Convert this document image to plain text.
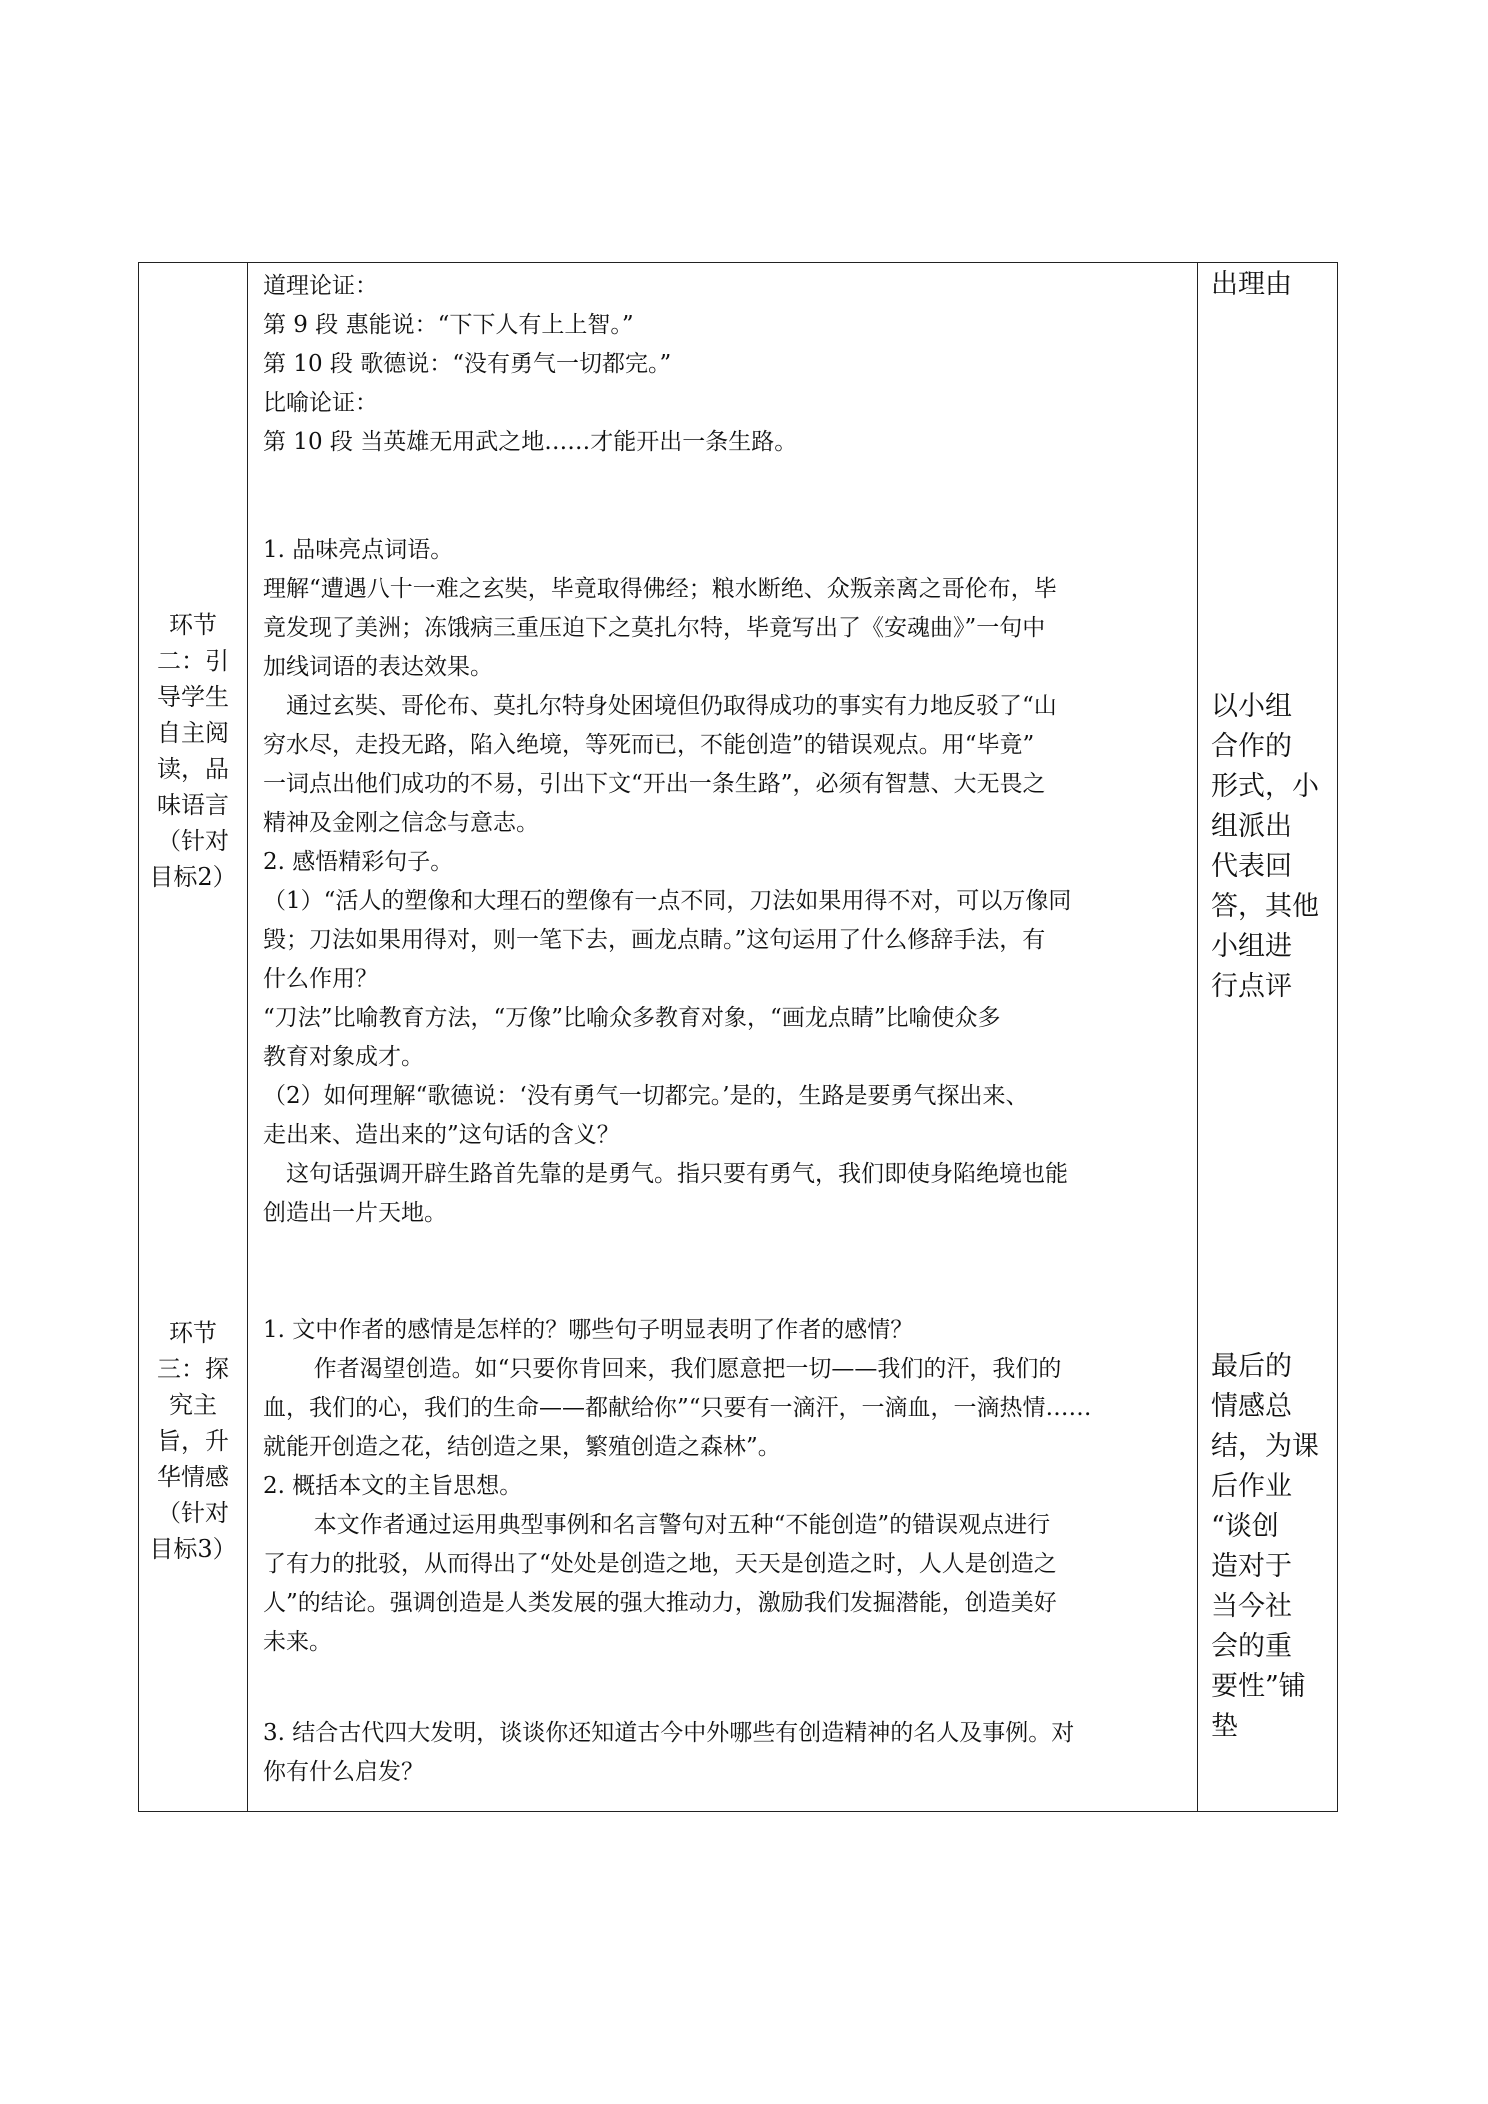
出理由

道理论证：

第 9 段 惠能说：“下下人有上上智。”

第 10 段 歌德说：“没有勇气一切都完。”

比喻论证：

第 10 段 当英雄无用武之地……才能开出一条生路。

环节
二：引
导学生
自主阅
读，品
味语言
（针对
目标2）
以小组
合作的
形式，小
组派出
代表回
答，其他
小组进
行点评

1. 品味亮点词语。

理解“遭遇八十一难之玄奘，毕竟取得佛经；粮水断绝、众叛亲离之哥伦布，毕

竟发现了美洲；冻饿病三重压迫下之莫扎尔特，毕竟写出了《安魂曲》”一句中

加线词语的表达效果。

通过玄奘、哥伦布、莫扎尔特身处困境但仍取得成功的事实有力地反驳了“山

穷水尽，走投无路，陷入绝境，等死而已，不能创造”的错误观点。用“毕竟”

一词点出他们成功的不易，引出下文“开出一条生路”，必须有智慧、大无畏之

精神及金刚之信念与意志。

2. 感悟精彩句子。

（1）“活人的塑像和大理石的塑像有一点不同，刀法如果用得不对，可以万像同

毁；刀法如果用得对，则一笔下去，画龙点睛。”这句运用了什么修辞手法，有

什么作用？

“刀法”比喻教育方法，“万像”比喻众多教育对象，“画龙点睛”比喻使众多

教育对象成才。

（2）如何理解“歌德说：‘没有勇气一切都完。’是的，生路是要勇气探出来、

走出来、造出来的”这句话的含义？

这句话强调开辟生路首先靠的是勇气。指只要有勇气，我们即使身陷绝境也能

创造出一片天地。

环节
三：探
究主
旨，升
华情感
（针对
目标3）
最后的
情感总
结，为课
后作业
“谈创
造对于
当今社
会的重
要性”铺
垫

1. 文中作者的感情是怎样的？哪些句子明显表明了作者的感情？

作者渴望创造。如“只要你肯回来，我们愿意把一切——我们的汗，我们的

血，我们的心，我们的生命——都献给你”“只要有一滴汗，一滴血，一滴热情……

就能开创造之花，结创造之果，繁殖创造之森林”。

2. 概括本文的主旨思想。

本文作者通过运用典型事例和名言警句对五种“不能创造”的错误观点进行

了有力的批驳，从而得出了“处处是创造之地，天天是创造之时，人人是创造之

人”的结论。强调创造是人类发展的强大推动力，激励我们发掘潜能，创造美好

未来。

3. 结合古代四大发明，谈谈你还知道古今中外哪些有创造精神的名人及事例。对

你有什么启发？
